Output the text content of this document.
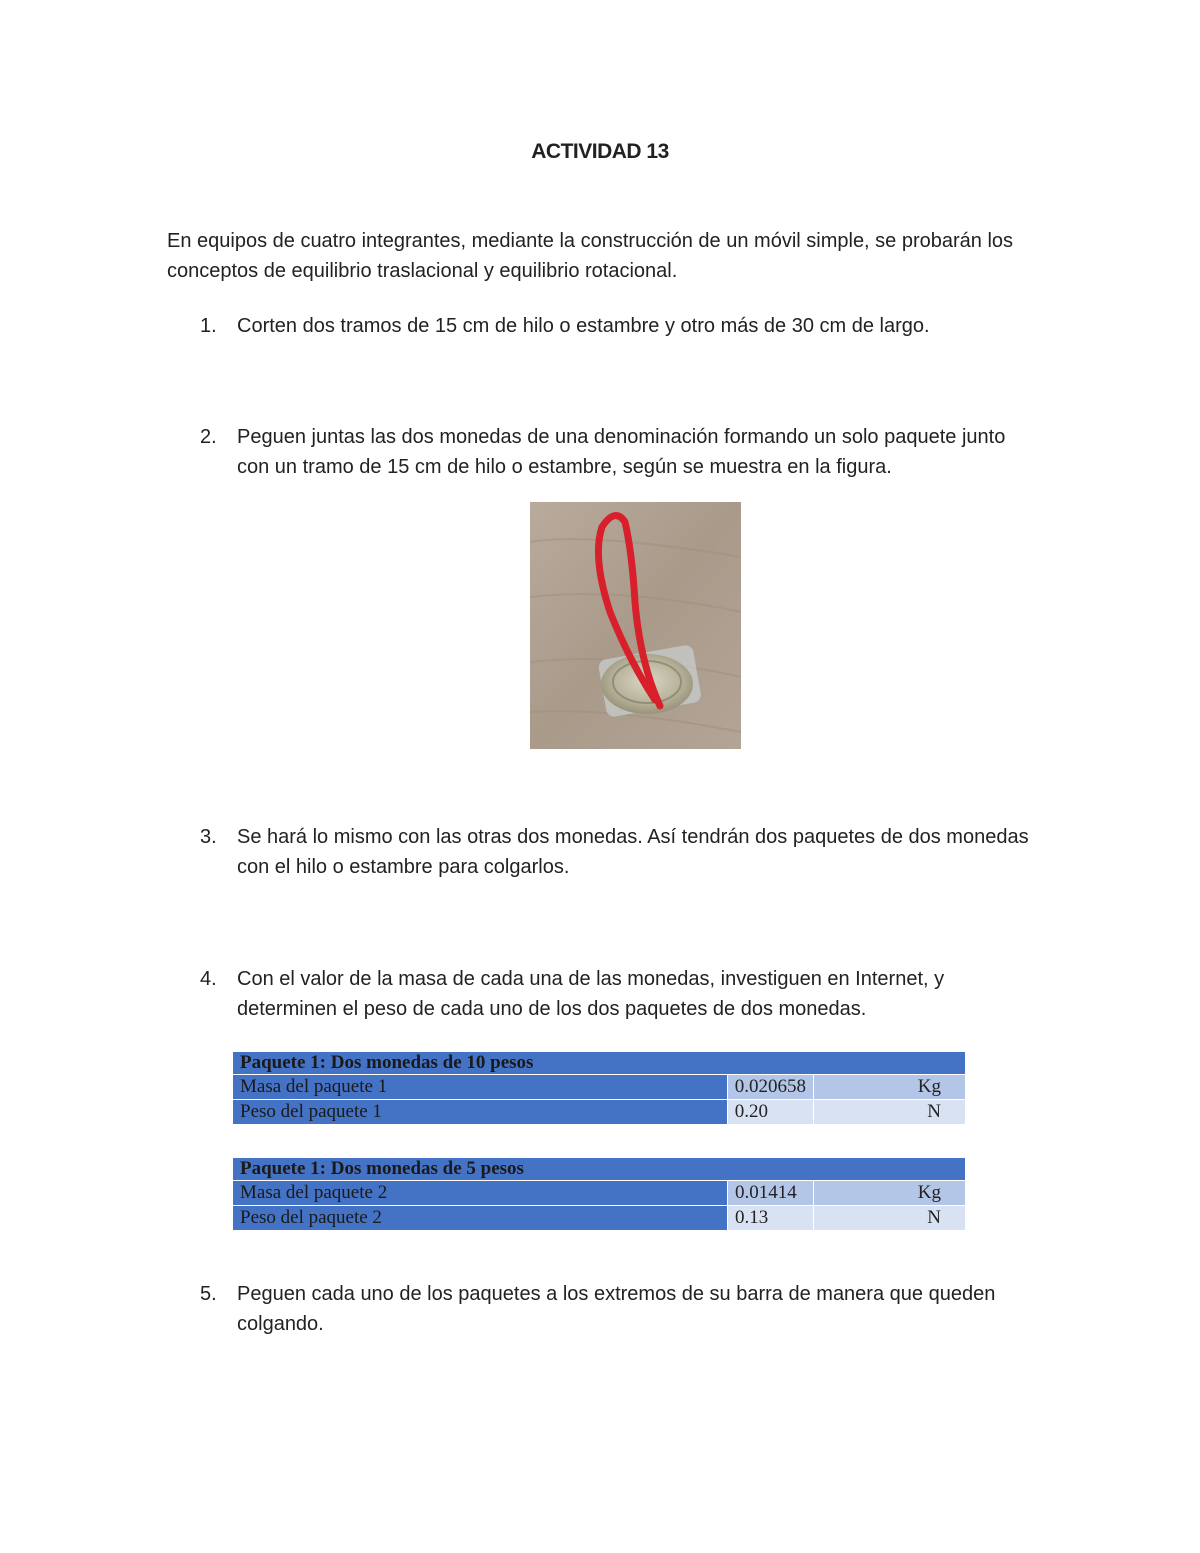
ACTIVIDAD 13
En equipos de cuatro integrantes, mediante la construcción de un móvil simple, se probarán los conceptos de equilibrio traslacional y equilibrio rotacional.
1.	Corten dos tramos de 15 cm de hilo o estambre y otro más de 30 cm de largo.
2.	Peguen juntas las dos monedas de una denominación formando un solo paquete junto con un tramo de 15 cm de hilo o estambre, según se muestra en la figura.
3.	Se hará lo mismo con las otras dos monedas. Así tendrán dos paquetes de dos monedas con el hilo o estambre para colgarlos.
4.	Con el valor de la masa de cada una de las monedas, investiguen en Internet, y determinen el peso de cada uno de los dos paquetes de dos monedas.
Paquete 1: Dos monedas de 10 pesos		
Masa del paquete 1	0.020658	Kg
Peso del paquete 1	0.20	N
Paquete 1: Dos monedas de 5 pesos		
Masa del paquete 2	0.01414	Kg
Peso del paquete 2	0.13	N
5.	Peguen cada uno de los paquetes a los extremos de su barra de manera que queden colgando.
